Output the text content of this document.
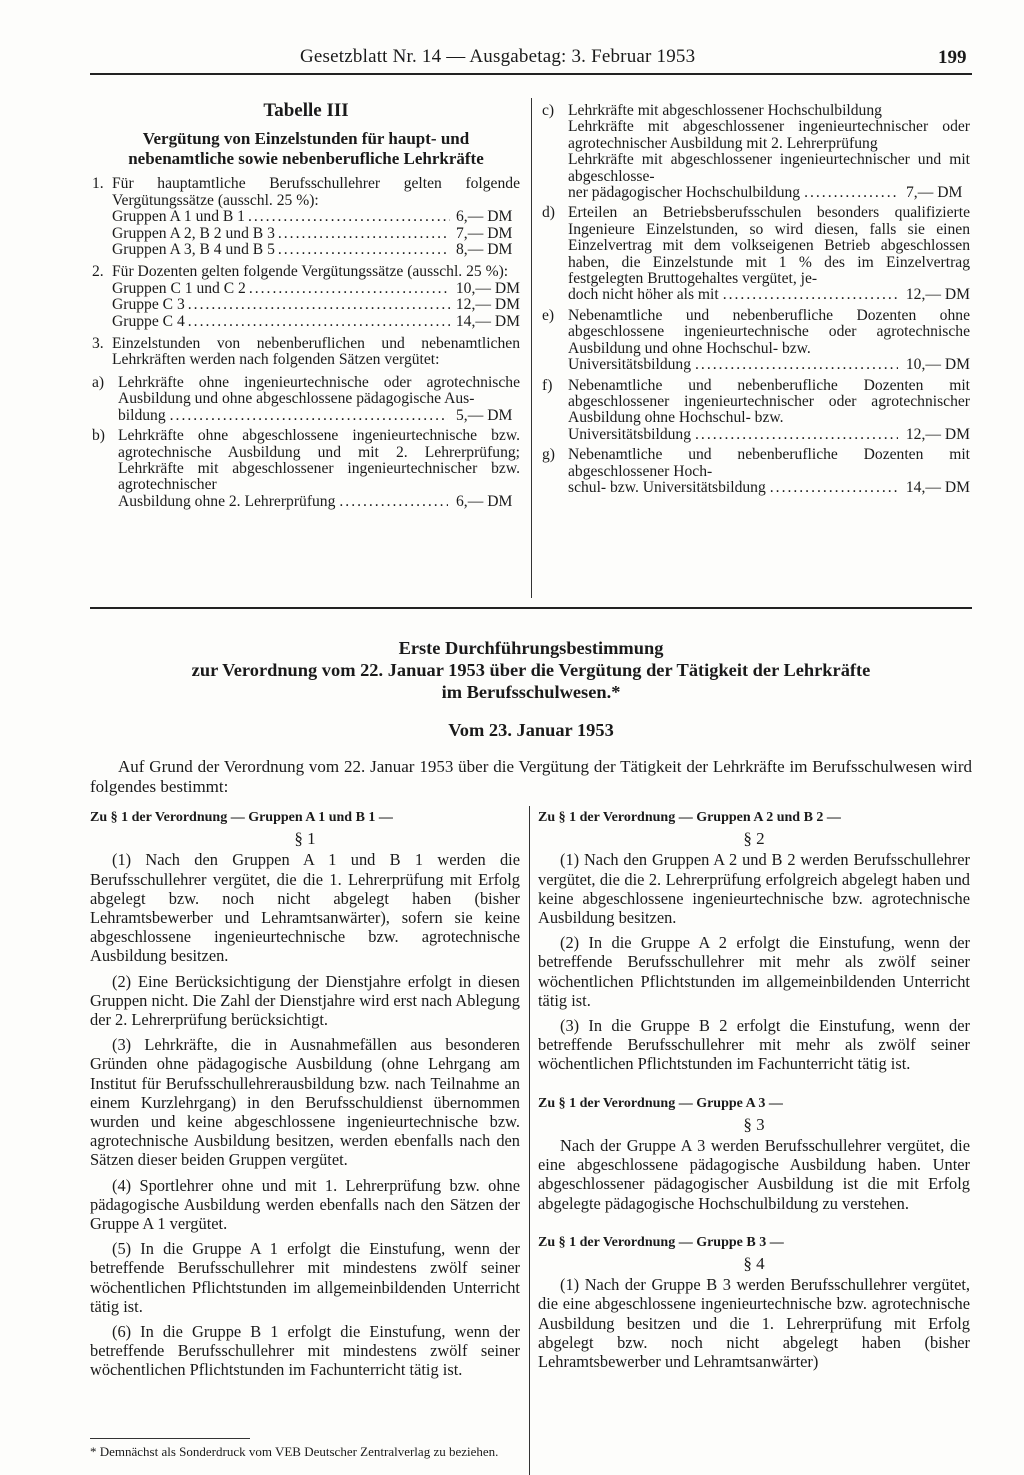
Gesetzblatt Nr. 14 — Ausgabetag: 3. Februar 1953	199
Tabelle III
Vergütung von Einzelstunden für haupt- und
nebenamtliche sowie nebenberufliche Lehrkräfte
1. Für hauptamtliche Berufsschullehrer gelten folgende Vergütungssätze (ausschl. 25 %):
Gruppen A 1 und B 1 .....	6,— DM
Gruppen A 2, B 2 und B 3 .....	7,— DM
Gruppen A 3, B 4 und B 5 .....	8,— DM
2. Für Dozenten gelten folgende Vergütungssätze (ausschl. 25 %):
Gruppen C 1 und C 2 .....	10,— DM
Gruppe C 3 .....	12,— DM
Gruppe C 4 .....	14,— DM
3. Einzelstunden von nebenberuflichen und nebenamtlichen Lehrkräften werden nach folgenden Sätzen vergütet:
a) Lehrkräfte ohne ingenieurtechnische oder agrotechnische Ausbildung und ohne abgeschlossene pädagogische Aus-
bildung .....	5,— DM
b) Lehrkräfte ohne abgeschlossene ingenieurtechnische bzw. agrotechnische Ausbildung und mit 2. Lehrerprüfung; Lehrkräfte mit abgeschlossener ingenieurtechnischer bzw. agrotechnischer
Ausbildung ohne 2. Lehrerprüfung .....	6,— DM
c) Lehrkräfte mit abgeschlossener Hochschulbildung
Lehrkräfte mit abgeschlossener ingenieurtechnischer oder agrotechnischer Ausbildung mit 2. Lehrerprüfung
Lehrkräfte mit abgeschlossener ingenieurtechnischer und mit abgeschlosse-
ner pädagogischer Hochschulbildung .....	7,— DM
d) Erteilen an Betriebsberufsschulen besonders qualifizierte Ingenieure Einzelstunden, so wird diesen, falls sie einen Einzelvertrag mit dem volkseigenen Betrieb abgeschlossen haben, die Einzelstunde mit 1 % des im Einzelvertrag festgelegten Bruttogehaltes vergütet, je-
doch nicht höher als mit .....	12,— DM
e) Nebenamtliche und nebenberufliche Dozenten ohne abgeschlossene ingenieurtechnische oder agrotechnische Ausbildung und ohne Hochschul- bzw.
Universitätsbildung .....	10,— DM
f) Nebenamtliche und nebenberufliche Dozenten mit abgeschlossener ingenieurtechnischer oder agrotechnischer Ausbildung ohne Hochschul- bzw.
Universitätsbildung .....	12,— DM
g) Nebenamtliche und nebenberufliche Dozenten mit abgeschlossener Hoch-
schul- bzw. Universitätsbildung .....	14,— DM
Erste Durchführungsbestimmung
zur Verordnung vom 22. Januar 1953 über die Vergütung der Tätigkeit der Lehrkräfte
im Berufsschulwesen.*
Vom 23. Januar 1953
Auf Grund der Verordnung vom 22. Januar 1953 über die Vergütung der Tätigkeit der Lehrkräfte im Berufsschulwesen wird folgendes bestimmt:
Zu § 1 der Verordnung — Gruppen A 1 und B 1 —
§ 1

(1) Nach den Gruppen A 1 und B 1 werden die Berufsschullehrer vergütet, die die 1. Lehrerprüfung mit Erfolg abgelegt bzw. noch nicht abgelegt haben (bisher Lehramtsbewerber und Lehramtsanwärter), sofern sie keine abgeschlossene ingenieurtechnische bzw. agrotechnische Ausbildung besitzen.

(2) Eine Berücksichtigung der Dienstjahre erfolgt in diesen Gruppen nicht. Die Zahl der Dienstjahre wird erst nach Ablegung der 2. Lehrerprüfung berücksichtigt.

(3) Lehrkräfte, die in Ausnahmefällen aus besonderen Gründen ohne pädagogische Ausbildung (ohne Lehrgang am Institut für Berufsschullehrerausbildung bzw. nach Teilnahme an einem Kurzlehrgang) in den Berufsschuldienst übernommen wurden und keine abgeschlossene ingenieurtechnische bzw. agrotechnische Ausbildung besitzen, werden ebenfalls nach den Sätzen dieser beiden Gruppen vergütet.

(4) Sportlehrer ohne und mit 1. Lehrerprüfung bzw. ohne pädagogische Ausbildung werden ebenfalls nach den Sätzen der Gruppe A 1 vergütet.

(5) In die Gruppe A 1 erfolgt die Einstufung, wenn der betreffende Berufsschullehrer mit mindestens zwölf seiner wöchentlichen Pflichtstunden im allgemeinbildenden Unterricht tätig ist.

(6) In die Gruppe B 1 erfolgt die Einstufung, wenn der betreffende Berufsschullehrer mit mindestens zwölf seiner wöchentlichen Pflichtstunden im Fachunterricht tätig ist.

Zu § 1 der Verordnung — Gruppen A 2 und B 2 —
§ 2

(1) Nach den Gruppen A 2 und B 2 werden Berufsschullehrer vergütet, die die 2. Lehrerprüfung erfolgreich abgelegt haben und keine abgeschlossene ingenieurtechnische bzw. agrotechnische Ausbildung besitzen.

(2) In die Gruppe A 2 erfolgt die Einstufung, wenn der betreffende Berufsschullehrer mit mehr als zwölf seiner wöchentlichen Pflichtstunden im allgemeinbildenden Unterricht tätig ist.

(3) In die Gruppe B 2 erfolgt die Einstufung, wenn der betreffende Berufsschullehrer mit mehr als zwölf seiner wöchentlichen Pflichtstunden im Fachunterricht tätig ist.

Zu § 1 der Verordnung — Gruppe A 3 —
§ 3

Nach der Gruppe A 3 werden Berufsschullehrer vergütet, die eine abgeschlossene pädagogische Ausbildung haben. Unter abgeschlossener pädagogischer Ausbildung ist die mit Erfolg abgelegte pädagogische Hochschulbildung zu verstehen.

Zu § 1 der Verordnung — Gruppe B 3 —
§ 4

(1) Nach der Gruppe B 3 werden Berufsschullehrer vergütet, die eine abgeschlossene ingenieurtechnische bzw. agrotechnische Ausbildung besitzen und die 1. Lehrerprüfung mit Erfolg abgelegt bzw. noch nicht abgelegt haben (bisher Lehramtsbewerber und Lehramtsanwärter)

* Demnächst als Sonderdruck vom VEB Deutscher Zentralverlag zu beziehen.
